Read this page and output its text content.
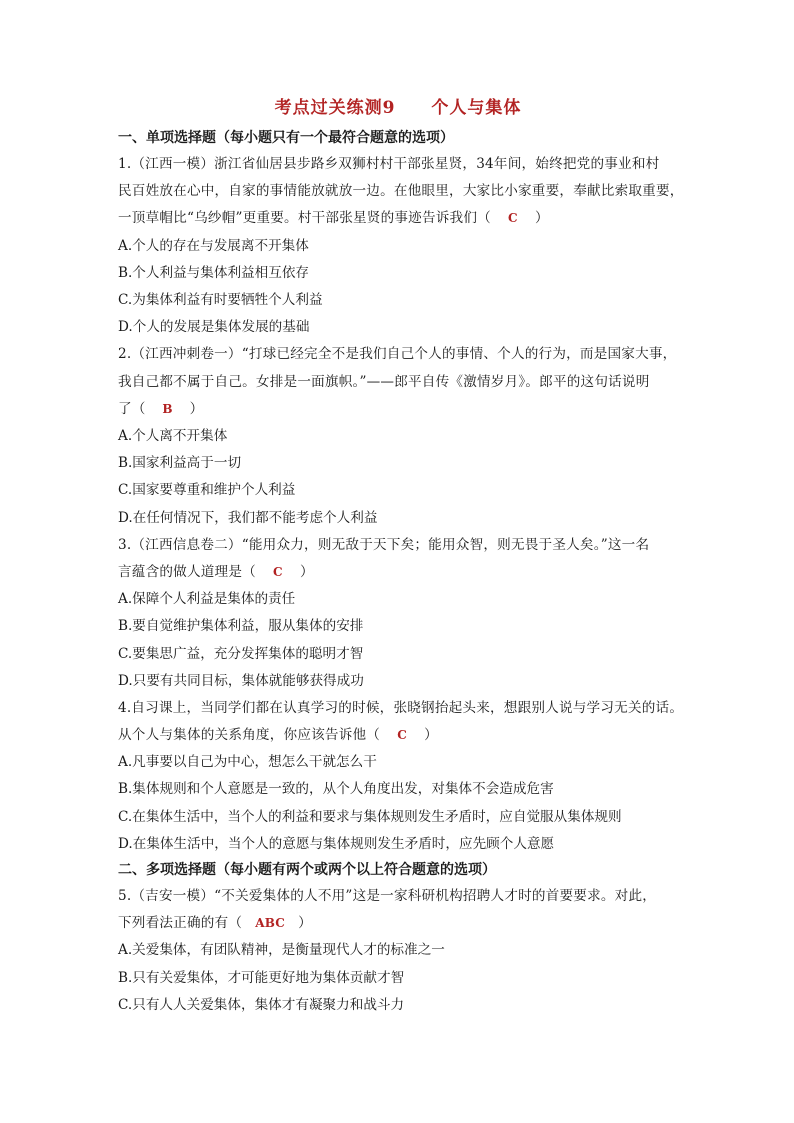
考点过关练测9 个人与集体
一、单项选择题（每小题只有一个最符合题意的选项）
1.（江西一模）浙江省仙居县步路乡双狮村村干部张星贤，34年间，始终把党的事业和村
民百姓放在心中，自家的事情能放就放一边。在他眼里，大家比小家重要，奉献比索取重要，
一顶草帽比“乌纱帽”更重要。村干部张星贤的事迹告诉我们（ C ）
A.个人的存在与发展离不开集体
B.个人利益与集体利益相互依存
C.为集体利益有时要牺牲个人利益
D.个人的发展是集体发展的基础
2.（江西冲刺卷一）“打球已经完全不是我们自己个人的事情、个人的行为，而是国家大事，
我自己都不属于自己。女排是一面旗帜。”——郎平自传《激情岁月》。郎平的这句话说明
了（ B ）
A.个人离不开集体
B.国家利益高于一切
C.国家要尊重和维护个人利益
D.在任何情况下，我们都不能考虑个人利益
3.（江西信息卷二）“能用众力，则无敌于天下矣；能用众智，则无畏于圣人矣。”这一名
言蕴含的做人道理是（ C ）
A.保障个人利益是集体的责任
B.要自觉维护集体利益，服从集体的安排
C.要集思广益，充分发挥集体的聪明才智
D.只要有共同目标，集体就能够获得成功
4.自习课上，当同学们都在认真学习的时候，张晓钢抬起头来，想跟别人说与学习无关的话。
从个人与集体的关系角度，你应该告诉他（ C ）
A.凡事要以自己为中心，想怎么干就怎么干
B.集体规则和个人意愿是一致的，从个人角度出发，对集体不会造成危害
C.在集体生活中，当个人的利益和要求与集体规则发生矛盾时，应自觉服从集体规则
D.在集体生活中，当个人的意愿与集体规则发生矛盾时，应先顾个人意愿
二、多项选择题（每小题有两个或两个以上符合题意的选项）
5.（吉安一模）“不关爱集体的人不用”这是一家科研机构招聘人才时的首要要求。对此，
下列看法正确的有（ ABC ）
A.关爱集体，有团队精神，是衡量现代人才的标准之一
B.只有关爱集体，才可能更好地为集体贡献才智
C.只有人人关爱集体，集体才有凝聚力和战斗力
